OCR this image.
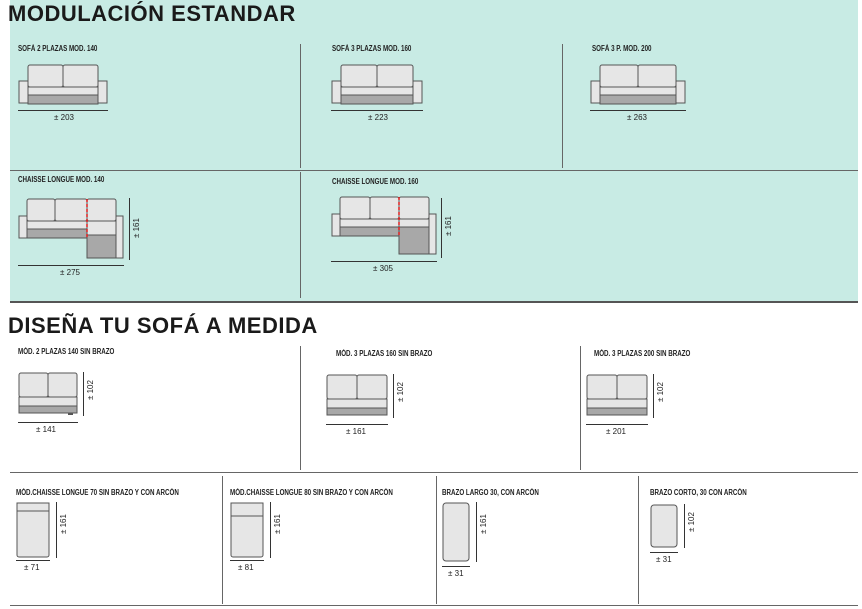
MODULACIÓN ESTANDAR
DISEÑA TU SOFÁ A MEDIDA
SOFÁ 2 PLAZAS MOD. 140
± 203
SOFÁ 3 PLAZAS MOD. 160
± 223
SOFÁ 3 P. MOD. 200
± 263
CHAISSE LONGUE MOD. 140
± 161
± 275
CHAISSE LONGUE MOD. 160
± 161
± 305
MÓD. 2 PLAZAS 140 SIN BRAZO
± 102
± 141
MÓD. 3 PLAZAS 160 SIN BRAZO
± 102
± 161
MÓD. 3 PLAZAS 200 SIN BRAZO
± 102
± 201
MÓD.CHAISSE LONGUE 70 SIN BRAZO Y CON ARCÓN
± 161
± 71
MÓD.CHAISSE LONGUE 80 SIN BRAZO Y CON ARCÓN
± 161
± 81
BRAZO LARGO 30, CON ARCÓN
± 161
± 31
BRAZO CORTO, 30 CON ARCÓN
± 102
± 31
